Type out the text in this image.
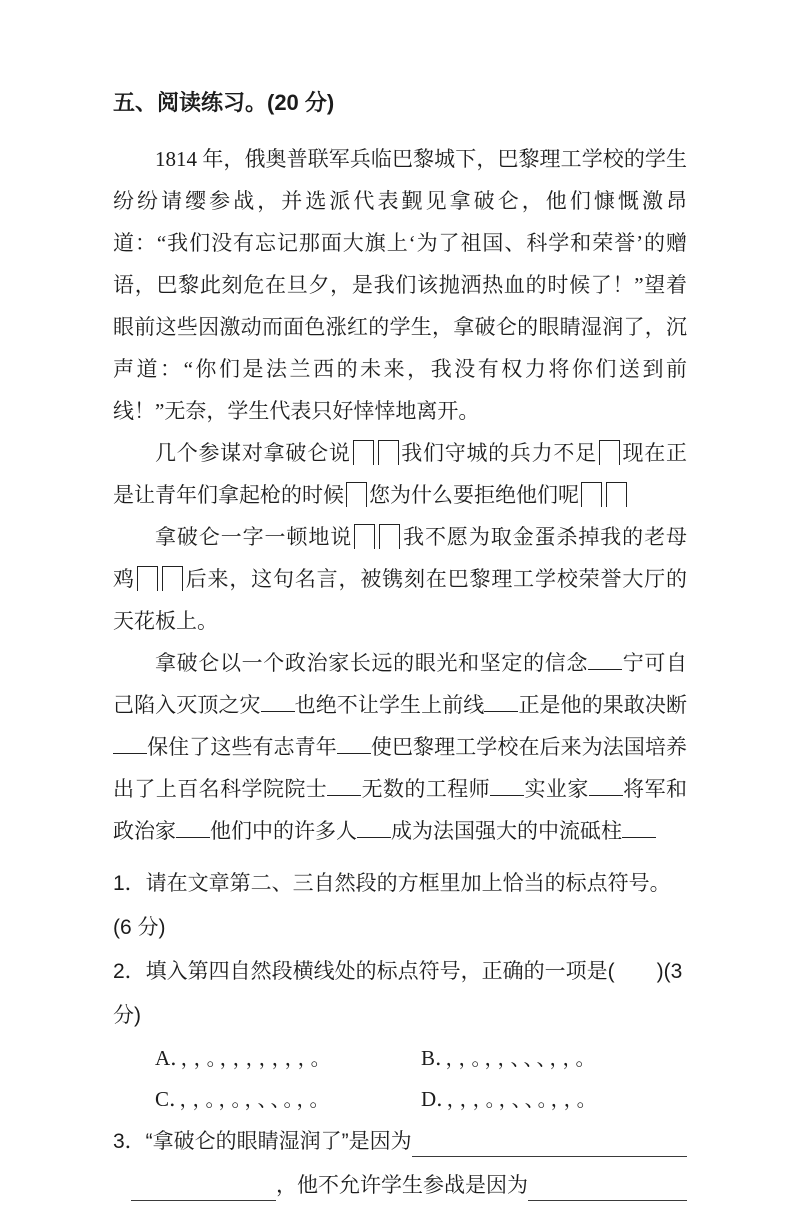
五、阅读练习。(20 分)

1814 年，俄奥普联军兵临巴黎城下，巴黎理工学校的学生纷纷请缨参战，并选派代表觐见拿破仑，他们慷慨激昂道：“我们没有忘记那面大旗上‘为了祖国、科学和荣誉’的赠语，巴黎此刻危在旦夕，是我们该抛洒热血的时候了！”望着眼前这些因激动而面色涨红的学生，拿破仑的眼睛湿润了，沉声道：“你们是法兰西的未来，我没有权力将你们送到前线！”无奈，学生代表只好悻悻地离开。

几个参谋对拿破仑说 我们守城的兵力不足 现在正是让青年们拿起枪的时候 您为什么要拒绝他们呢

拿破仑一字一顿地说 我不愿为取金蛋杀掉我的老母鸡 后来，这句名言，被镌刻在巴黎理工学校荣誉大厅的天花板上。

拿破仑以一个政治家长远的眼光和坚定的信念 宁可自己陷入灭顶之灾 也绝不让学生上前线 正是他的果敢决断保住了这些有志青年 使巴黎理工学校在后来为法国培养出了上百名科学院院士 无数的工程师 实业家 将军和政治家 他们中的许多人 成为法国强大的中流砥柱

1．请在文章第二、三自然段的方框里加上恰当的标点符号。(6 分)

2．填入第四自然段横线处的标点符号，正确的一项是(　　)(3 分)

A．，，。，，，，，，，。	B．，，。，，、、、，，。
C．，，。，。，、、。，。	D．，，，。，、、。，，。
3．“拿破仑的眼睛湿润了”是因为
，他不允许学生参战是因为
